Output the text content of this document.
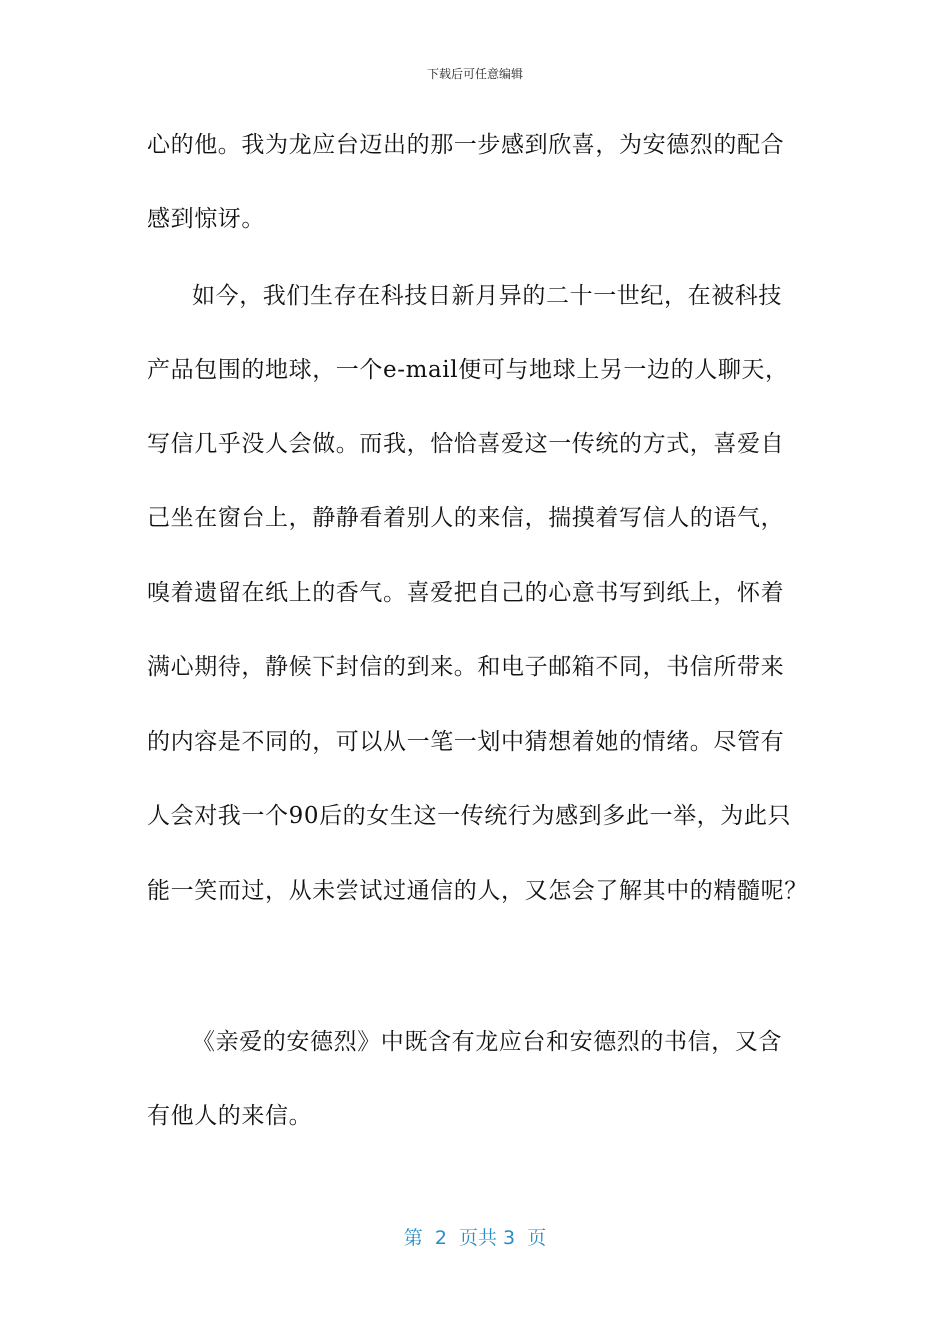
下载后可任意编辑
心的他。我为龙应台迈出的那一步感到欣喜，为安德烈的配合
感到惊讶。
如今，我们生存在科技日新月异的二十一世纪，在被科技
产品包围的地球，一个e-mail便可与地球上另一边的人聊天，
写信几乎没人会做。而我，恰恰喜爱这一传统的方式，喜爱自
己坐在窗台上，静静看着别人的来信，揣摸着写信人的语气，
嗅着遗留在纸上的香气。喜爱把自己的心意书写到纸上，怀着
满心期待，静候下封信的到来。和电子邮箱不同，书信所带来
的内容是不同的，可以从一笔一划中猜想着她的情绪。尽管有
人会对我一个90后的女生这一传统行为感到多此一举，为此只
能一笑而过，从未尝试过通信的人，又怎会了解其中的精髓呢？
《亲爱的安德烈》中既含有龙应台和安德烈的书信，又含
有他人的来信。
第  2  页共 3  页
